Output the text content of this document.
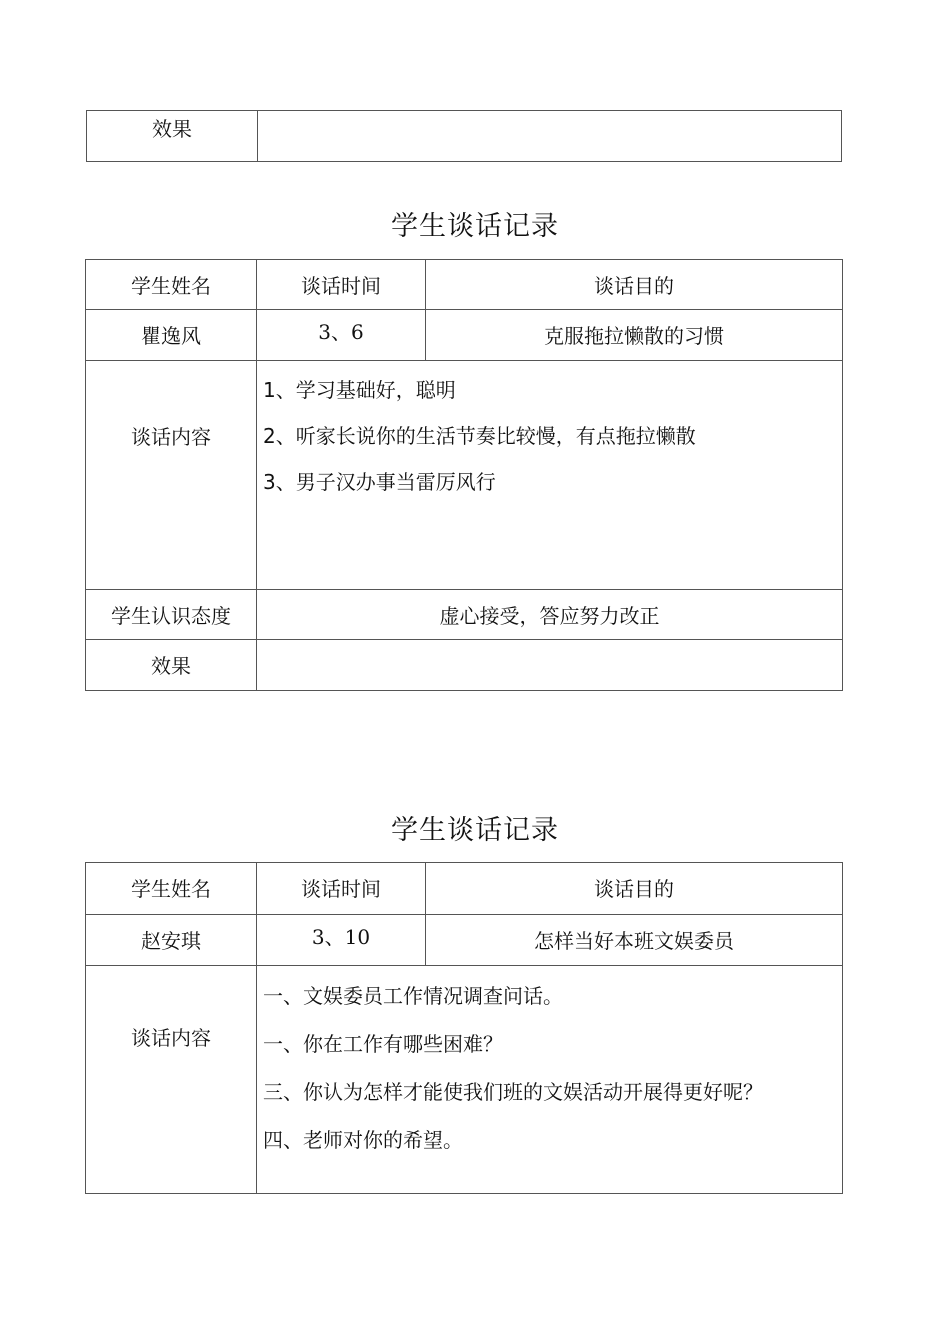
效果	
学生谈话记录
学生姓名	谈话时间	谈话目的
瞿逸风	3、6	克服拖拉懒散的习惯
谈话内容	1、学习基础好，聪明

2、听家长说你的生活节奏比较慢，有点拖拉懒散

3、男子汉办事当雷厉风行	

学生认识态度	虚心接受，答应努力改正	
效果		
学生谈话记录
学生姓名	谈话时间	谈话目的
赵安琪	3、10	怎样当好本班文娱委员
谈话内容	一、文娱委员工作情况调查问话。

一、你在工作有哪些困难？

三、你认为怎样才能使我们班的文娱活动开展得更好呢？

四、老师对你的希望。	
